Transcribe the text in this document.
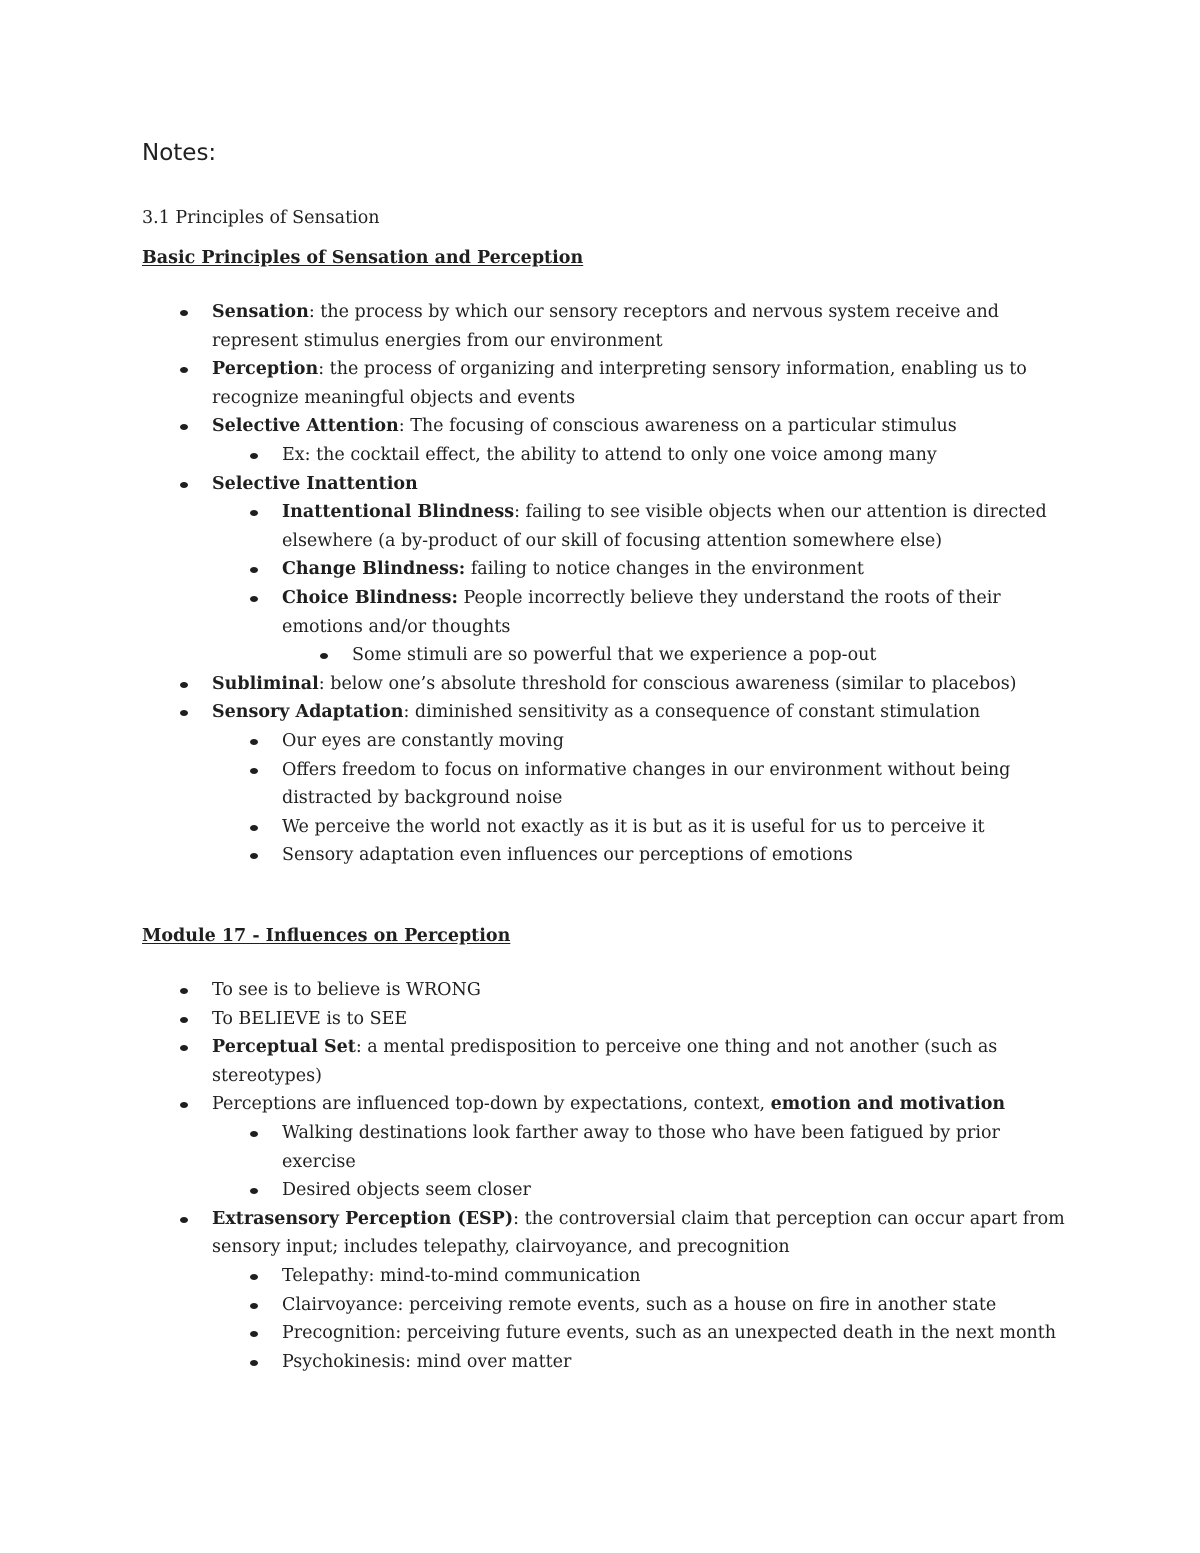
Notes:
3.1 Principles of Sensation
Basic Principles of Sensation and Perception
Sensation: the process by which our sensory receptors and nervous system receive and represent stimulus energies from our environment
Perception: the process of organizing and interpreting sensory information, enabling us to recognize meaningful objects and events
Selective Attention: The focusing of conscious awareness on a particular stimulus
Ex: the cocktail effect, the ability to attend to only one voice among many
Selective Inattention
Inattentional Blindness: failing to see visible objects when our attention is directed elsewhere (a by-product of our skill of focusing attention somewhere else)
Change Blindness: failing to notice changes in the environment
Choice Blindness: People incorrectly believe they understand the roots of their emotions and/or thoughts
Some stimuli are so powerful that we experience a pop-out
Subliminal: below one’s absolute threshold for conscious awareness (similar to placebos)
Sensory Adaptation: diminished sensitivity as a consequence of constant stimulation
Our eyes are constantly moving
Offers freedom to focus on informative changes in our environment without being distracted by background noise
We perceive the world not exactly as it is but as it is useful for us to perceive it
Sensory adaptation even influences our perceptions of emotions
Module 17 - Influences on Perception
To see is to believe is WRONG
To BELIEVE is to SEE
Perceptual Set: a mental predisposition to perceive one thing and not another (such as stereotypes)
Perceptions are influenced top-down by expectations, context, emotion and motivation
Walking destinations look farther away to those who have been fatigued by prior exercise
Desired objects seem closer
Extrasensory Perception (ESP): the controversial claim that perception can occur apart from sensory input; includes telepathy, clairvoyance, and precognition
Telepathy: mind-to-mind communication
Clairvoyance: perceiving remote events, such as a house on fire in another state
Precognition: perceiving future events, such as an unexpected death in the next month
Psychokinesis: mind over matter
